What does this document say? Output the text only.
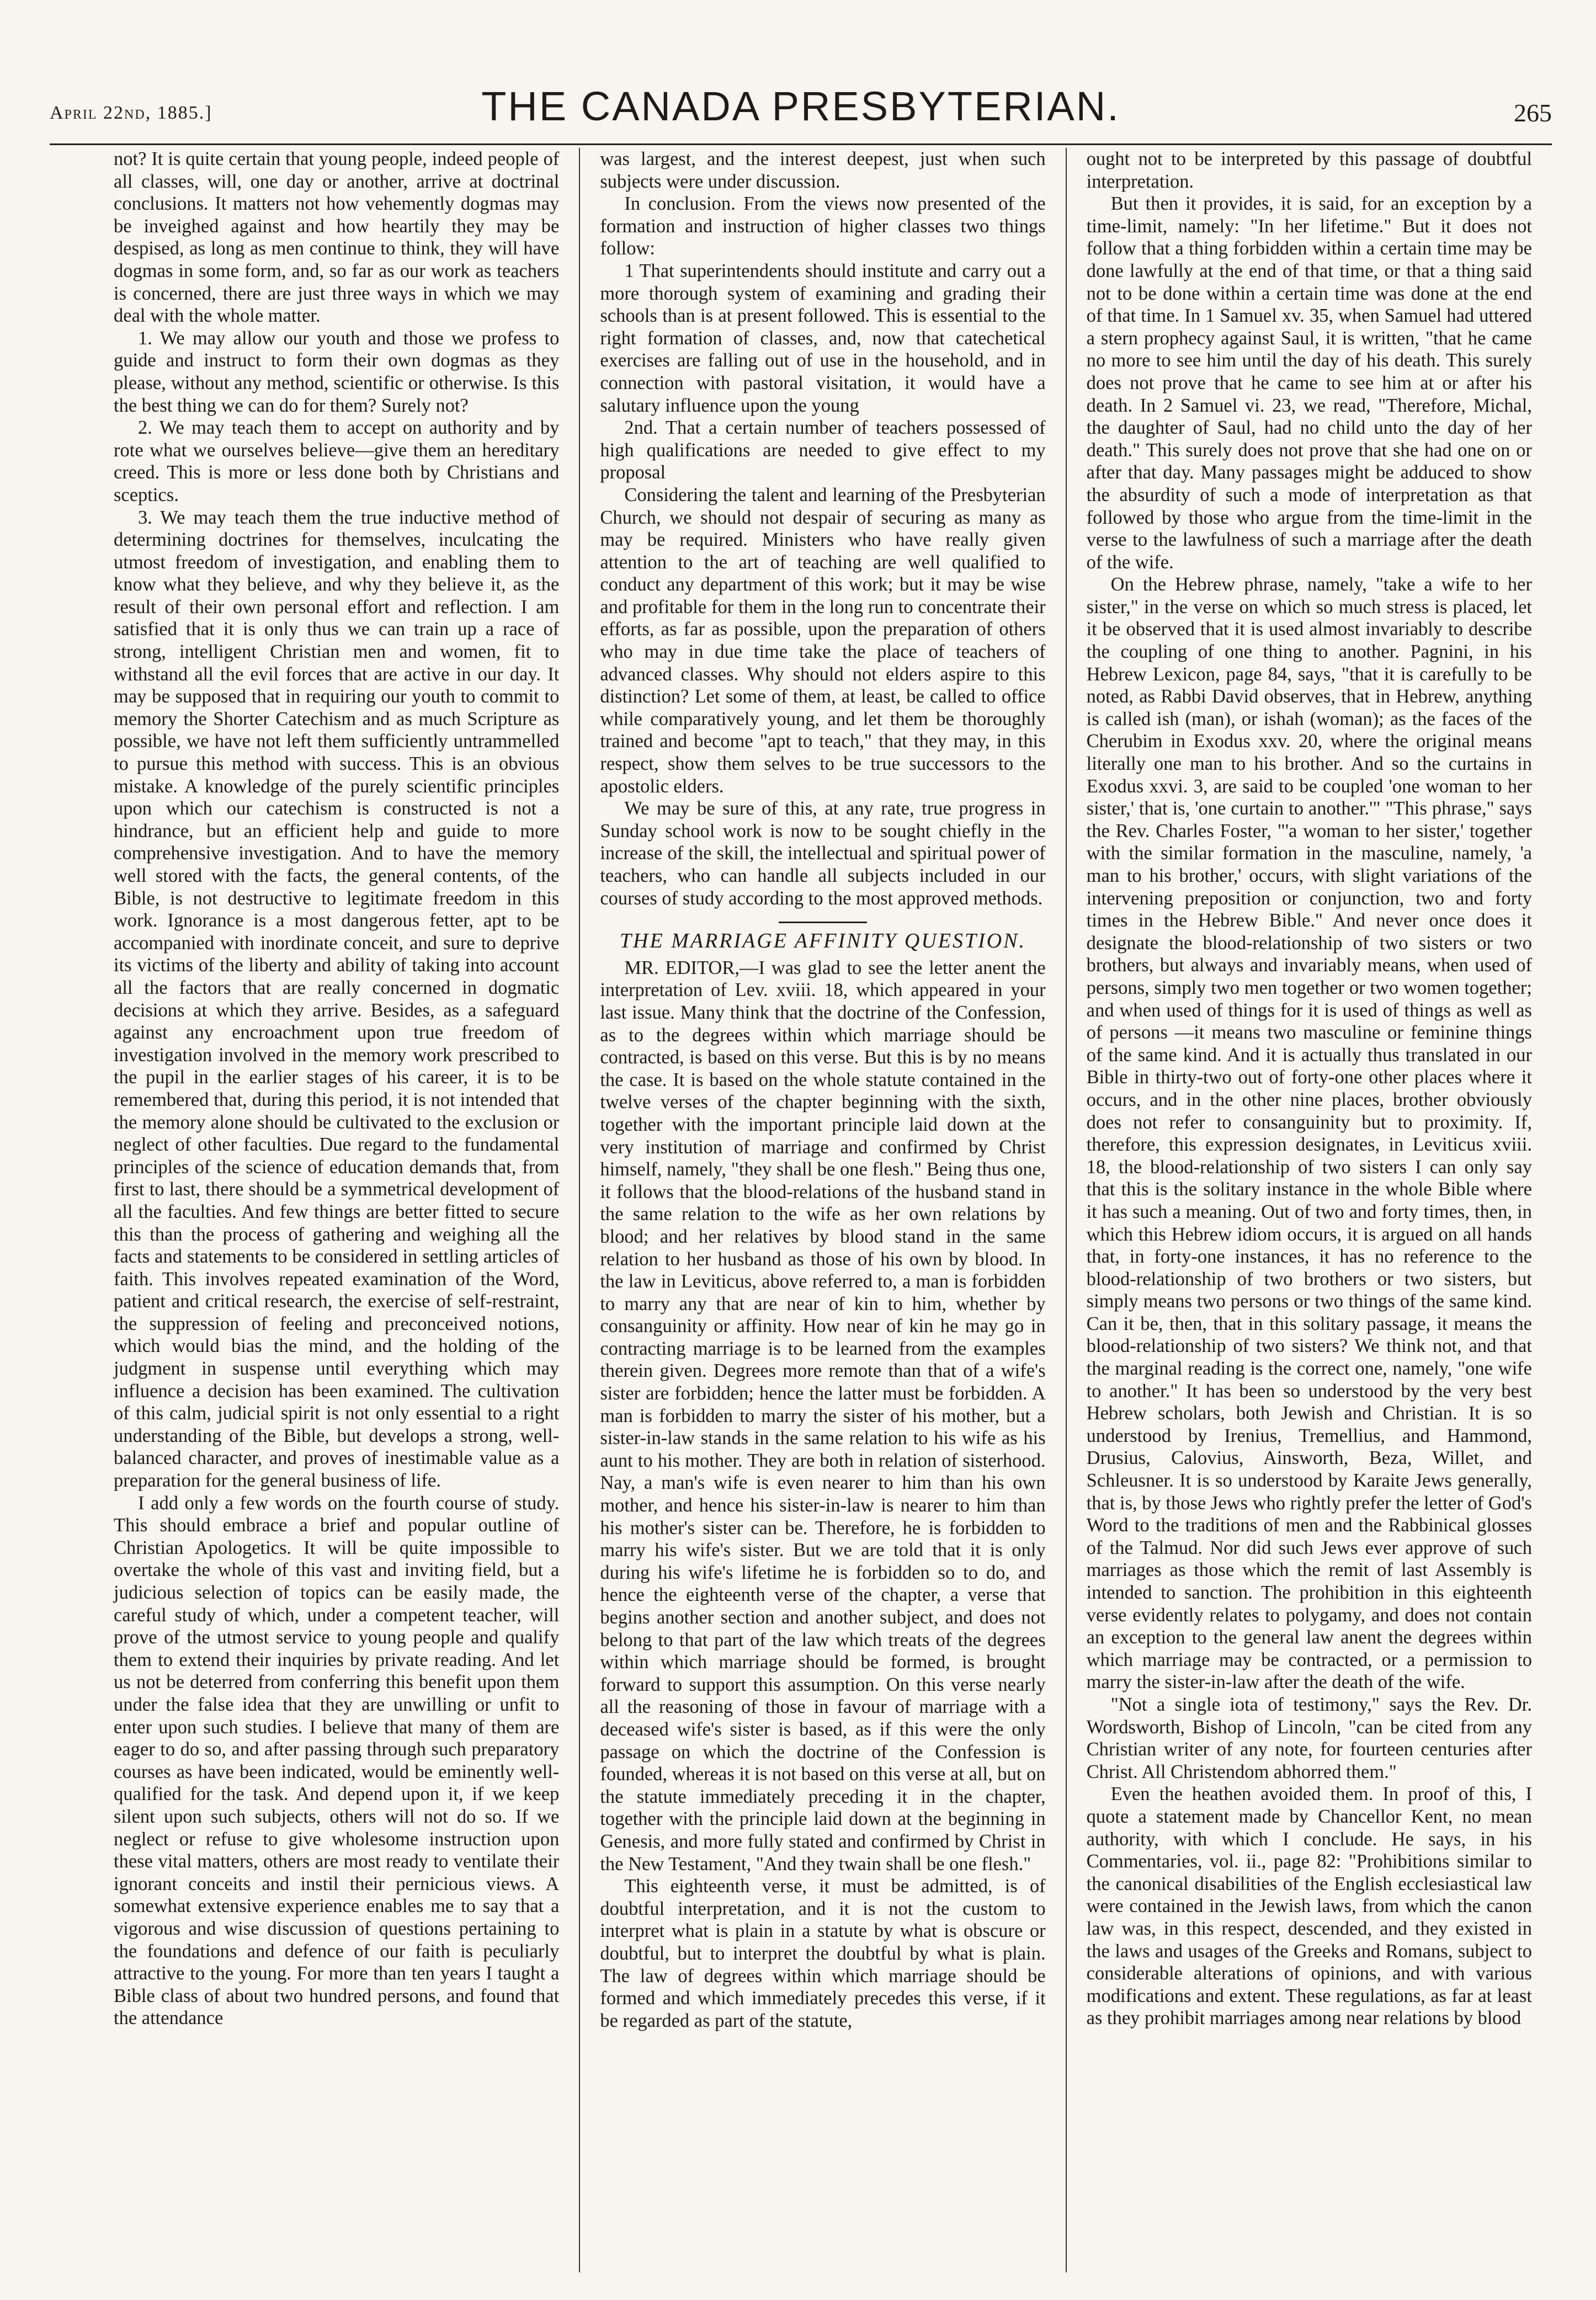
April 22nd, 1885.]	THE CANADA PRESBYTERIAN.	265

not? It is quite certain that young people, indeed people of all classes, will, one day or another, arrive at doctrinal conclusions. It matters not how vehemently dogmas may be inveighed against and how heartily they may be despised, as long as men continue to think, they will have dogmas in some form, and, so far as our work as teachers is concerned, there are just three ways in which we may deal with the whole matter.

1. We may allow our youth and those we profess to guide and instruct to form their own dogmas as they please, without any method, scientific or otherwise. Is this the best thing we can do for them? Surely not?

2. We may teach them to accept on authority and by rote what we ourselves believe—give them an hereditary creed. This is more or less done both by Christians and sceptics.

3. We may teach them the true inductive method of determining doctrines for themselves, inculcating the utmost freedom of investigation, and enabling them to know what they believe, and why they believe it, as the result of their own personal effort and reflection. I am satisfied that it is only thus we can train up a race of strong, intelligent Christian men and women, fit to withstand all the evil forces that are active in our day. It may be supposed that in requiring our youth to commit to memory the Shorter Catechism and as much Scripture as possible, we have not left them sufficiently untrammelled to pursue this method with success. This is an obvious mistake. A knowledge of the purely scientific principles upon which our catechism is constructed is not a hindrance, but an efficient help and guide to more comprehensive investigation. And to have the memory well stored with the facts, the general contents, of the Bible, is not destructive to legitimate freedom in this work. Ignorance is a most dangerous fetter, apt to be accompanied with inordinate conceit, and sure to deprive its victims of the liberty and ability of taking into account all the factors that are really concerned in dogmatic decisions at which they arrive. Besides, as a safeguard against any encroachment upon true freedom of investigation involved in the memory work prescribed to the pupil in the earlier stages of his career, it is to be remembered that, during this period, it is not intended that the memory alone should be cultivated to the exclusion or neglect of other faculties. Due regard to the fundamental principles of the science of education demands that, from first to last, there should be a symmetrical development of all the faculties. And few things are better fitted to secure this than the process of gathering and weighing all the facts and statements to be considered in settling articles of faith. This involves repeated examination of the Word, patient and critical research, the exercise of self-restraint, the suppression of feeling and preconceived notions, which would bias the mind, and the holding of the judgment in suspense until everything which may influence a decision has been examined. The cultivation of this calm, judicial spirit is not only essential to a right understanding of the Bible, but develops a strong, well-balanced character, and proves of inestimable value as a preparation for the general business of life.

I add only a few words on the fourth course of study. This should embrace a brief and popular outline of Christian Apologetics. It will be quite impossible to overtake the whole of this vast and inviting field, but a judicious selection of topics can be easily made, the careful study of which, under a competent teacher, will prove of the utmost service to young people and qualify them to extend their inquiries by private reading. And let us not be deterred from conferring this benefit upon them under the false idea that they are unwilling or unfit to enter upon such studies. I believe that many of them are eager to do so, and after passing through such preparatory courses as have been indicated, would be eminently well-qualified for the task. And depend upon it, if we keep silent upon such subjects, others will not do so. If we neglect or refuse to give wholesome instruction upon these vital matters, others are most ready to ventilate their ignorant conceits and instil their pernicious views. A somewhat extensive experience enables me to say that a vigorous and wise discussion of questions pertaining to the foundations and defence of our faith is peculiarly attractive to the young. For more than ten years I taught a Bible class of about two hundred persons, and found that the attendance

was largest, and the interest deepest, just when such subjects were under discussion.

In conclusion. From the views now presented of the formation and instruction of higher classes two things follow:

1 That superintendents should institute and carry out a more thorough system of examining and grading their schools than is at present followed. This is essential to the right formation of classes, and, now that catechetical exercises are falling out of use in the household, and in connection with pastoral visitation, it would have a salutary influence upon the young

2nd. That a certain number of teachers possessed of high qualifications are needed to give effect to my proposal

Considering the talent and learning of the Presbyterian Church, we should not despair of securing as many as may be required. Ministers who have really given attention to the art of teaching are well qualified to conduct any department of this work; but it may be wise and profitable for them in the long run to concentrate their efforts, as far as possible, upon the preparation of others who may in due time take the place of teachers of advanced classes. Why should not elders aspire to this distinction? Let some of them, at least, be called to office while comparatively young, and let them be thoroughly trained and become "apt to teach," that they may, in this respect, show them selves to be true successors to the apostolic elders.

We may be sure of this, at any rate, true progress in Sunday school work is now to be sought chiefly in the increase of the skill, the intellectual and spiritual power of teachers, who can handle all subjects included in our courses of study according to the most approved methods.

THE MARRIAGE AFFINITY QUESTION.

MR. EDITOR,—I was glad to see the letter anent the interpretation of Lev. xviii. 18, which appeared in your last issue. Many think that the doctrine of the Confession, as to the degrees within which marriage should be contracted, is based on this verse. But this is by no means the case. It is based on the whole statute contained in the twelve verses of the chapter beginning with the sixth, together with the important principle laid down at the very institution of marriage and confirmed by Christ himself, namely, "they shall be one flesh." Being thus one, it follows that the blood-relations of the husband stand in the same relation to the wife as her own relations by blood; and her relatives by blood stand in the same relation to her husband as those of his own by blood. In the law in Leviticus, above referred to, a man is forbidden to marry any that are near of kin to him, whether by consanguinity or affinity. How near of kin he may go in contracting marriage is to be learned from the examples therein given. Degrees more remote than that of a wife's sister are forbidden; hence the latter must be forbidden. A man is forbidden to marry the sister of his mother, but a sister-in-law stands in the same relation to his wife as his aunt to his mother. They are both in relation of sisterhood. Nay, a man's wife is even nearer to him than his own mother, and hence his sister-in-law is nearer to him than his mother's sister can be. Therefore, he is forbidden to marry his wife's sister. But we are told that it is only during his wife's lifetime he is forbidden so to do, and hence the eighteenth verse of the chapter, a verse that begins another section and another subject, and does not belong to that part of the law which treats of the degrees within which marriage should be formed, is brought forward to support this assumption. On this verse nearly all the reasoning of those in favour of marriage with a deceased wife's sister is based, as if this were the only passage on which the doctrine of the Confession is founded, whereas it is not based on this verse at all, but on the statute immediately preceding it in the chapter, together with the principle laid down at the beginning in Genesis, and more fully stated and confirmed by Christ in the New Testament, "And they twain shall be one flesh."

This eighteenth verse, it must be admitted, is of doubtful interpretation, and it is not the custom to interpret what is plain in a statute by what is obscure or doubtful, but to interpret the doubtful by what is plain. The law of degrees within which marriage should be formed and which immediately precedes this verse, if it be regarded as part of the statute,

ought not to be interpreted by this passage of doubtful interpretation.

But then it provides, it is said, for an exception by a time-limit, namely: "In her lifetime." But it does not follow that a thing forbidden within a certain time may be done lawfully at the end of that time, or that a thing said not to be done within a certain time was done at the end of that time. In 1 Samuel xv. 35, when Samuel had uttered a stern prophecy against Saul, it is written, "that he came no more to see him until the day of his death. This surely does not prove that he came to see him at or after his death. In 2 Samuel vi. 23, we read, "Therefore, Michal, the daughter of Saul, had no child unto the day of her death." This surely does not prove that she had one on or after that day. Many passages might be adduced to show the absurdity of such a mode of interpretation as that followed by those who argue from the time-limit in the verse to the lawfulness of such a marriage after the death of the wife.

On the Hebrew phrase, namely, "take a wife to her sister," in the verse on which so much stress is placed, let it be observed that it is used almost invariably to describe the coupling of one thing to another. Pagnini, in his Hebrew Lexicon, page 84, says, "that it is carefully to be noted, as Rabbi David observes, that in Hebrew, anything is called ish (man), or ishah (woman); as the faces of the Cherubim in Exodus xxv. 20, where the original means literally one man to his brother. And so the curtains in Exodus xxvi. 3, are said to be coupled 'one woman to her sister,' that is, 'one curtain to another.'" "This phrase," says the Rev. Charles Foster, "'a woman to her sister,' together with the similar formation in the masculine, namely, 'a man to his brother,' occurs, with slight variations of the intervening preposition or conjunction, two and forty times in the Hebrew Bible." And never once does it designate the blood-relationship of two sisters or two brothers, but always and invariably means, when used of persons, simply two men together or two women together; and when used of things for it is used of things as well as of persons —it means two masculine or feminine things of the same kind. And it is actually thus translated in our Bible in thirty-two out of forty-one other places where it occurs, and in the other nine places, brother obviously does not refer to consanguinity but to proximity. If, therefore, this expression designates, in Leviticus xviii. 18, the blood-relationship of two sisters I can only say that this is the solitary instance in the whole Bible where it has such a meaning. Out of two and forty times, then, in which this Hebrew idiom occurs, it is argued on all hands that, in forty-one instances, it has no reference to the blood-relationship of two brothers or two sisters, but simply means two persons or two things of the same kind. Can it be, then, that in this solitary passage, it means the blood-relationship of two sisters? We think not, and that the marginal reading is the correct one, namely, "one wife to another." It has been so understood by the very best Hebrew scholars, both Jewish and Christian. It is so understood by Irenius, Tremellius, and Hammond, Drusius, Calovius, Ainsworth, Beza, Willet, and Schleusner. It is so understood by Karaite Jews generally, that is, by those Jews who rightly prefer the letter of God's Word to the traditions of men and the Rabbinical glosses of the Talmud. Nor did such Jews ever approve of such marriages as those which the remit of last Assembly is intended to sanction. The prohibition in this eighteenth verse evidently relates to polygamy, and does not contain an exception to the general law anent the degrees within which marriage may be contracted, or a permission to marry the sister-in-law after the death of the wife.

"Not a single iota of testimony," says the Rev. Dr. Wordsworth, Bishop of Lincoln, "can be cited from any Christian writer of any note, for fourteen centuries after Christ. All Christendom abhorred them."

Even the heathen avoided them. In proof of this, I quote a statement made by Chancellor Kent, no mean authority, with which I conclude. He says, in his Commentaries, vol. ii., page 82: "Prohibitions similar to the canonical disabilities of the English ecclesiastical law were contained in the Jewish laws, from which the canon law was, in this respect, descended, and they existed in the laws and usages of the Greeks and Romans, subject to considerable alterations of opinions, and with various modifications and extent. These regulations, as far at least as they prohibit marriages among near relations by blood
